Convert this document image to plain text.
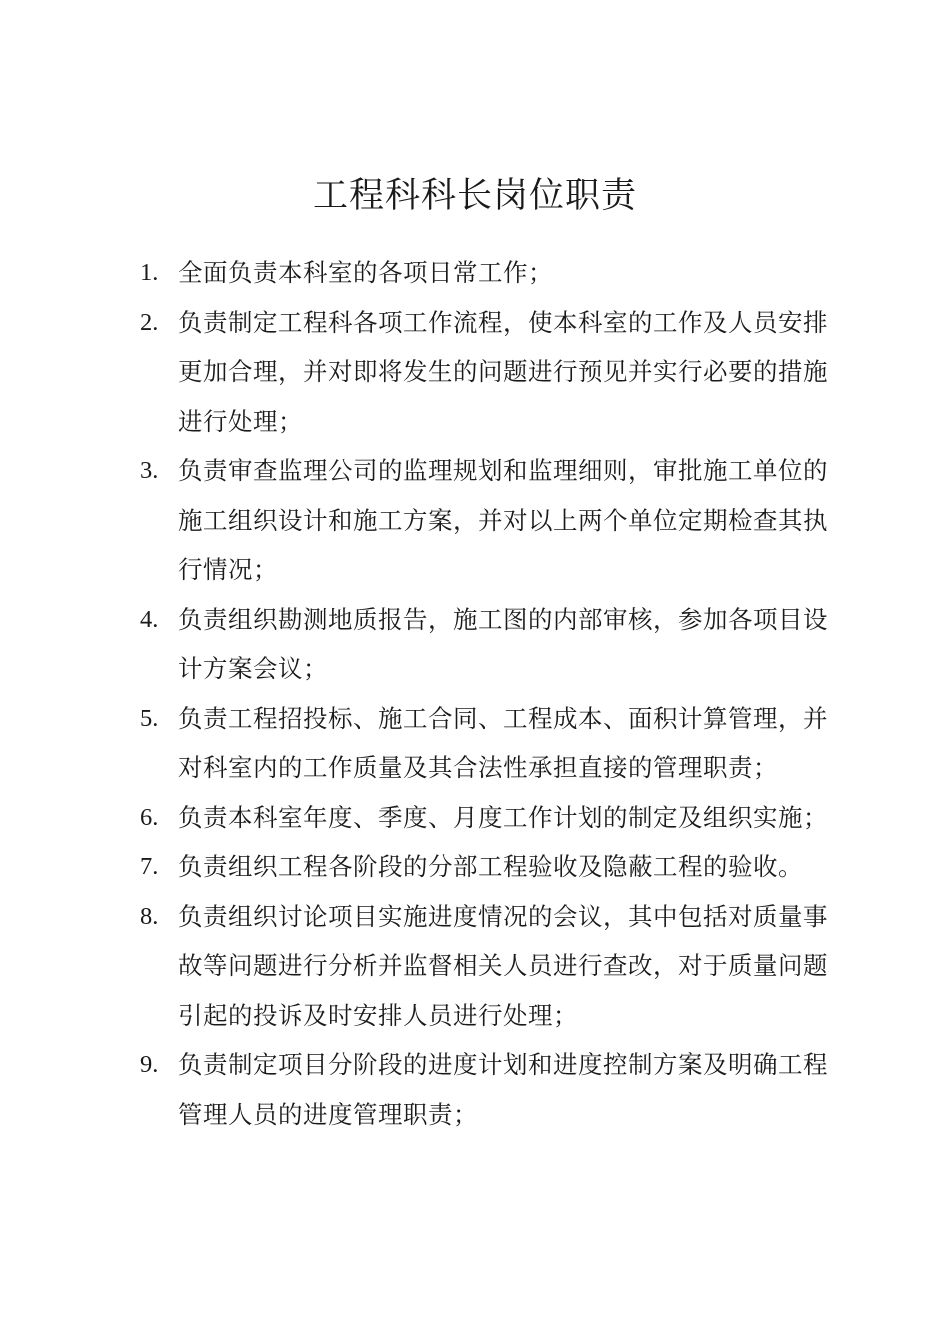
工程科科长岗位职责
1. 全面负责本科室的各项日常工作；
2. 负责制定工程科各项工作流程，使本科室的工作及人员安排更加合理，并对即将发生的问题进行预见并实行必要的措施进行处理；
3. 负责审查监理公司的监理规划和监理细则，审批施工单位的施工组织设计和施工方案，并对以上两个单位定期检查其执行情况；
4. 负责组织勘测地质报告，施工图的内部审核，参加各项目设计方案会议；
5. 负责工程招投标、施工合同、工程成本、面积计算管理，并对科室内的工作质量及其合法性承担直接的管理职责；
6. 负责本科室年度、季度、月度工作计划的制定及组织实施；
7. 负责组织工程各阶段的分部工程验收及隐蔽工程的验收。
8. 负责组织讨论项目实施进度情况的会议，其中包括对质量事故等问题进行分析并监督相关人员进行查改，对于质量问题引起的投诉及时安排人员进行处理；
9. 负责制定项目分阶段的进度计划和进度控制方案及明确工程管理人员的进度管理职责；
